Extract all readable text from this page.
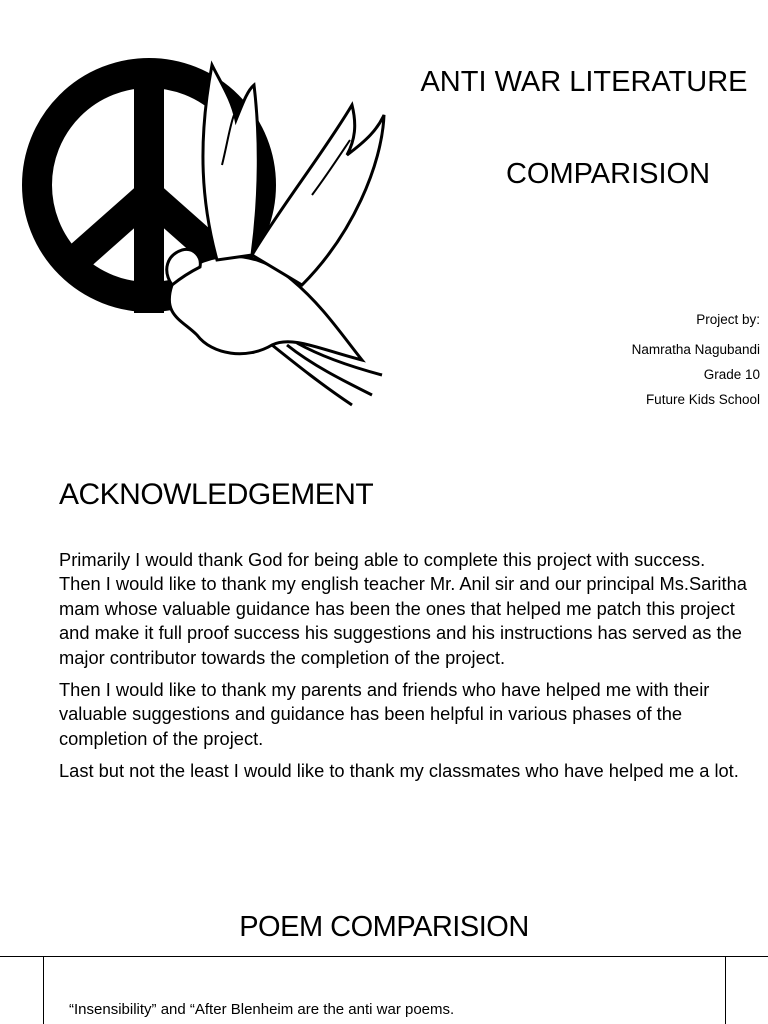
ANTI WAR LITERATURE
COMPARISION
Project by:
Namratha Nagubandi
Grade 10
Future Kids School
ACKNOWLEDGEMENT

Primarily I would thank God for being able to complete this project with success. Then I would like to thank my english teacher Mr. Anil sir and our principal Ms.Saritha mam whose valuable guidance has been the ones that helped me patch this project and make it full proof success his suggestions and his instructions has served as the major contributor towards the completion of the project.

Then I would like to thank my parents and friends who have helped me with their valuable suggestions and guidance has been helpful in various phases of the completion of the project.

Last but not the least I would like to thank my classmates who have helped me a lot.

POEM COMPARISION
“Insensibility” and “After Blenheim are the anti war poems.
